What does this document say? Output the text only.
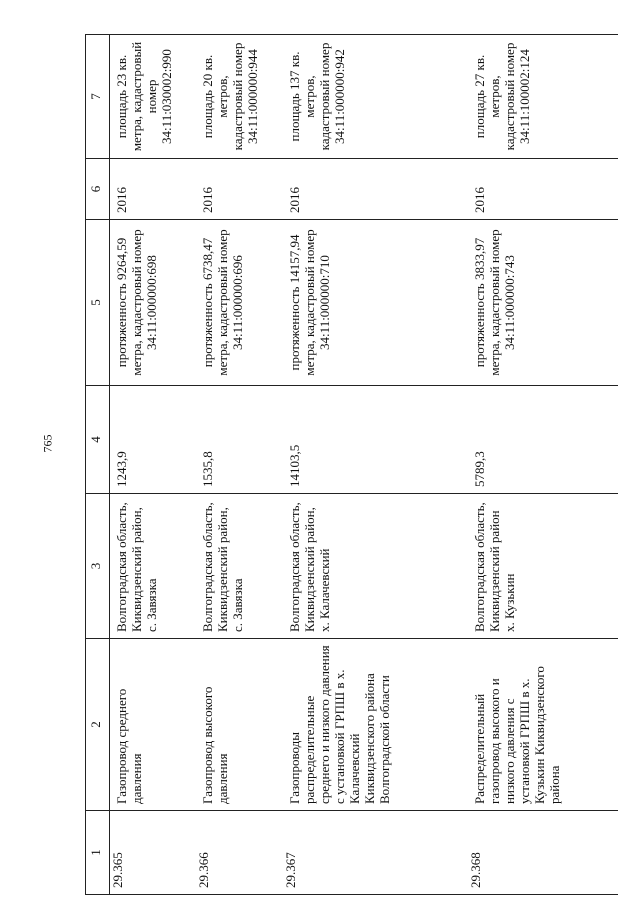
765
1	2	3	4	5	6	7
29.365	Газопровод среднего давления	Волгоградская область, Киквидзенский район, с. Завязка	1243,9	протяженность 9264,59 метра, кадастровый номер 34:11:000000:698	2016	площадь 23 кв. метра, кадастровый номер 34:11:030002:990
29.366	Газопровод высокого давления	Волгоградская область, Киквидзенский район, с. Завязка	1535,8	протяженность 6738,47 метра, кадастровый номер 34:11:000000:696	2016	площадь 20 кв. метров, кадастровый номер 34:11:000000:944
29.367	Газопроводы распределительные среднего и низкого давления с установкой ГРПШ в х. Калачевский Киквидзенского района Волгоградской области	Волгоградская область, Киквидзенский район, х. Калачевский	14103,5	протяженность 14157,94 метра, кадастровый номер 34:11:000000:710	2016	площадь 137 кв. метров, кадастровый номер 34:11:000000:942
29.368	Распределительный газопровод высокого и низкого давления с установкой ГРПШ в х. Кузькин Киквидзенского района	Волгоградская область, Киквидзенский район х. Кузькин	5789,3	протяженность 3833,97 метра, кадастровый номер 34:11:000000:743	2016	площадь 27 кв. метров, кадастровый номер 34:11:100002:124
